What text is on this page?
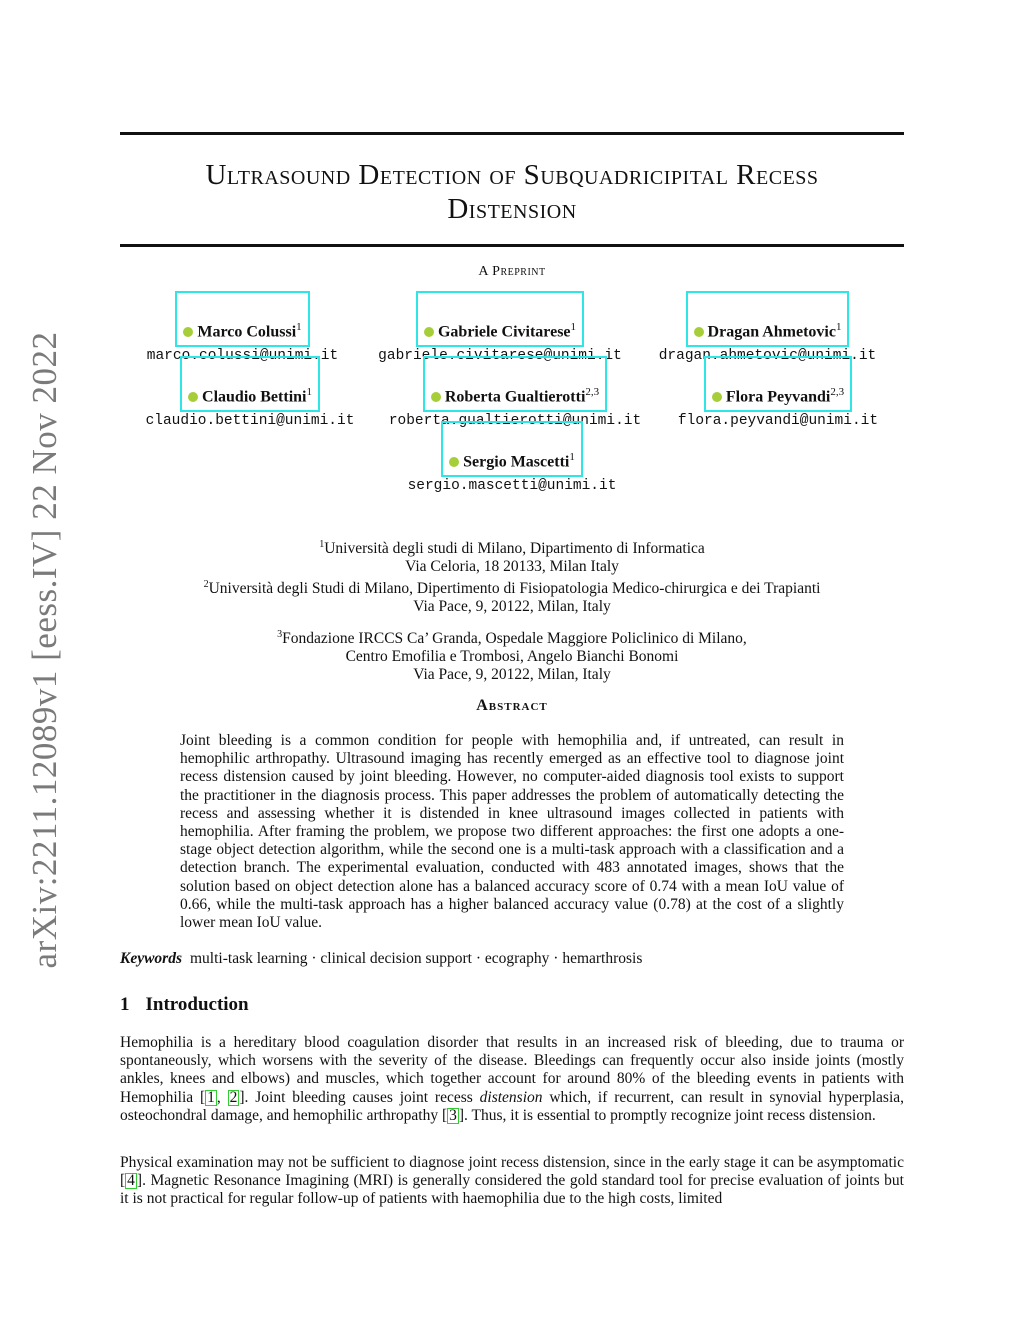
arXiv:2211.12089v1 [eess.IV] 22 Nov 2022
Ultrasound Detection of Subquadricipital Recess
Distension
A Preprint
Marco Colussi$^1$
marco.colussi@unimi.it
Gabriele Civitarese$^1$
gabriele.civitarese@unimi.it
Dragan Ahmetovic$^1$
dragan.ahmetovic@unimi.it
Claudio Bettini$^1$
claudio.bettini@unimi.it
Roberta Gualtierotti$^{2,3}$
roberta.gualtierotti@unimi.it
Flora Peyvandi$^{2,3}$
flora.peyvandi@unimi.it
Sergio Mascetti$^1$
sergio.mascetti@unimi.it
$^1$Università degli studi di Milano, Dipartimento di Informatica
Via Celoria, 18 20133, Milan Italy
$^2$Università degli Studi di Milano, Dipertimento di Fisiopatologia Medico-chirurgica e dei Trapianti
Via Pace, 9, 20122, Milan, Italy
$^3$Fondazione IRCCS Ca’ Granda, Ospedale Maggiore Policlinico di Milano,
Centro Emofilia e Trombosi, Angelo Bianchi Bonomi
Via Pace, 9, 20122, Milan, Italy
Abstract
Joint bleeding is a common condition for people with hemophilia and, if untreated, can result in hemophilic arthropathy. Ultrasound imaging has recently emerged as an effective tool to diagnose joint recess distension caused by joint bleeding. However, no computer-aided diagnosis tool exists to support the practitioner in the diagnosis process. This paper addresses the problem of automatically detecting the recess and assessing whether it is distended in knee ultrasound images collected in patients with hemophilia. After framing the problem, we propose two different approaches: the first one adopts a one-stage object detection algorithm, while the second one is a multi-task approach with a classification and a detection branch. The experimental evaluation, conducted with 483 annotated images, shows that the solution based on object detection alone has a balanced accuracy score of 0.74 with a mean IoU value of 0.66, while the multi-task approach has a higher balanced accuracy value (0.78) at the cost of a slightly lower mean IoU value.
Keywords multi-task learning · clinical decision support · ecography · hemarthrosis
1 Introduction
Hemophilia is a hereditary blood coagulation disorder that results in an increased risk of bleeding, due to trauma or spontaneously, which worsens with the severity of the disease. Bleedings can frequently occur also inside joints (mostly ankles, knees and elbows) and muscles, which together account for around 80% of the bleeding events in patients with Hemophilia [ 1 , 2 ]. Joint bleeding causes joint recess distension which, if recurrent, can result in synovial hyperplasia, osteochondral damage, and hemophilic arthropathy [ 3 ]. Thus, it is essential to promptly recognize joint recess distension.
Physical examination may not be sufficient to diagnose joint recess distension, since in the early stage it can be asymptomatic [ 4 ]. Magnetic Resonance Imagining (MRI) is generally considered the gold standard tool for precise evaluation of joints but it is not practical for regular follow-up of patients with haemophilia due to the high costs, limited
